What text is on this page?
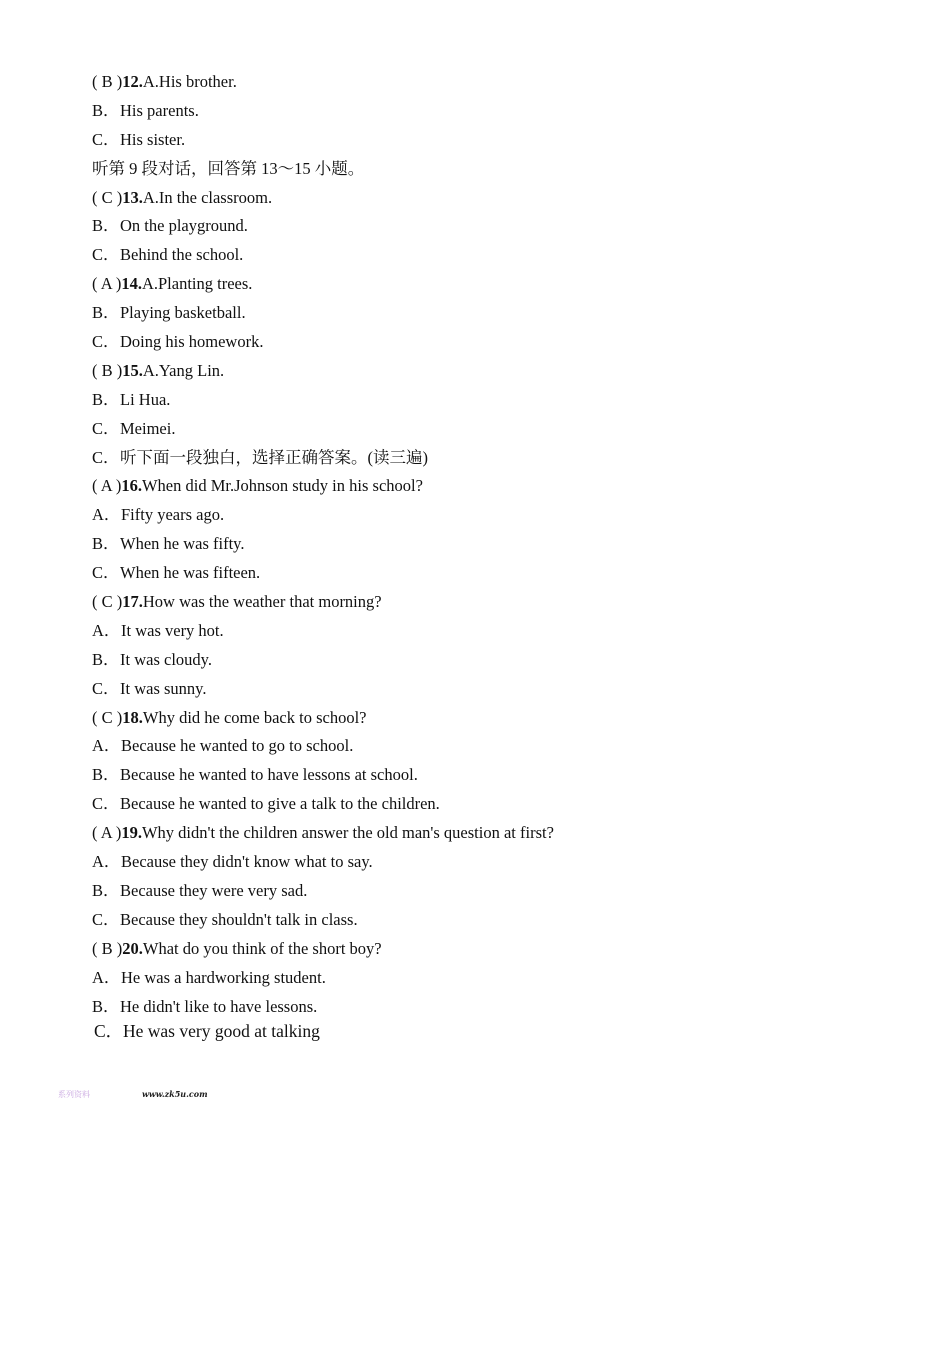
( B )12.A.His brother.
B．His parents.
C．His sister.
听第 9 段对话，回答第 13～15 小题。
( C )13.A.In the classroom.
B．On the playground.
C．Behind the school.
( A )14.A.Planting trees.
B．Playing basketball.
C．Doing his homework.
( B )15.A.Yang Lin.
B．Li Hua.
C．Meimei.
C．听下面一段独白，选择正确答案。(读三遍)
( A )16.When did Mr.Johnson study in his school?
A．Fifty years ago.
B．When he was fifty.
C．When he was fifteen.
( C )17.How was the weather that morning?
A．It was very hot.
B．It was cloudy.
C．It was sunny.
( C )18.Why did he come back to school?
A．Because he wanted to go to school.
B．Because he wanted to have lessons at school.
C．Because he wanted to give a talk to the children.
( A )19.Why didn't the children answer the old man's question at first?
A．Because they didn't know what to say.
B．Because they were very sad.
C．Because they shouldn't talk in class.
( B )20.What do you think of the short boy?
A．He was a hardworking student.
B．He didn't like to have lessons.
C．He was very good at talking
系列资料	www.zk5u.com
